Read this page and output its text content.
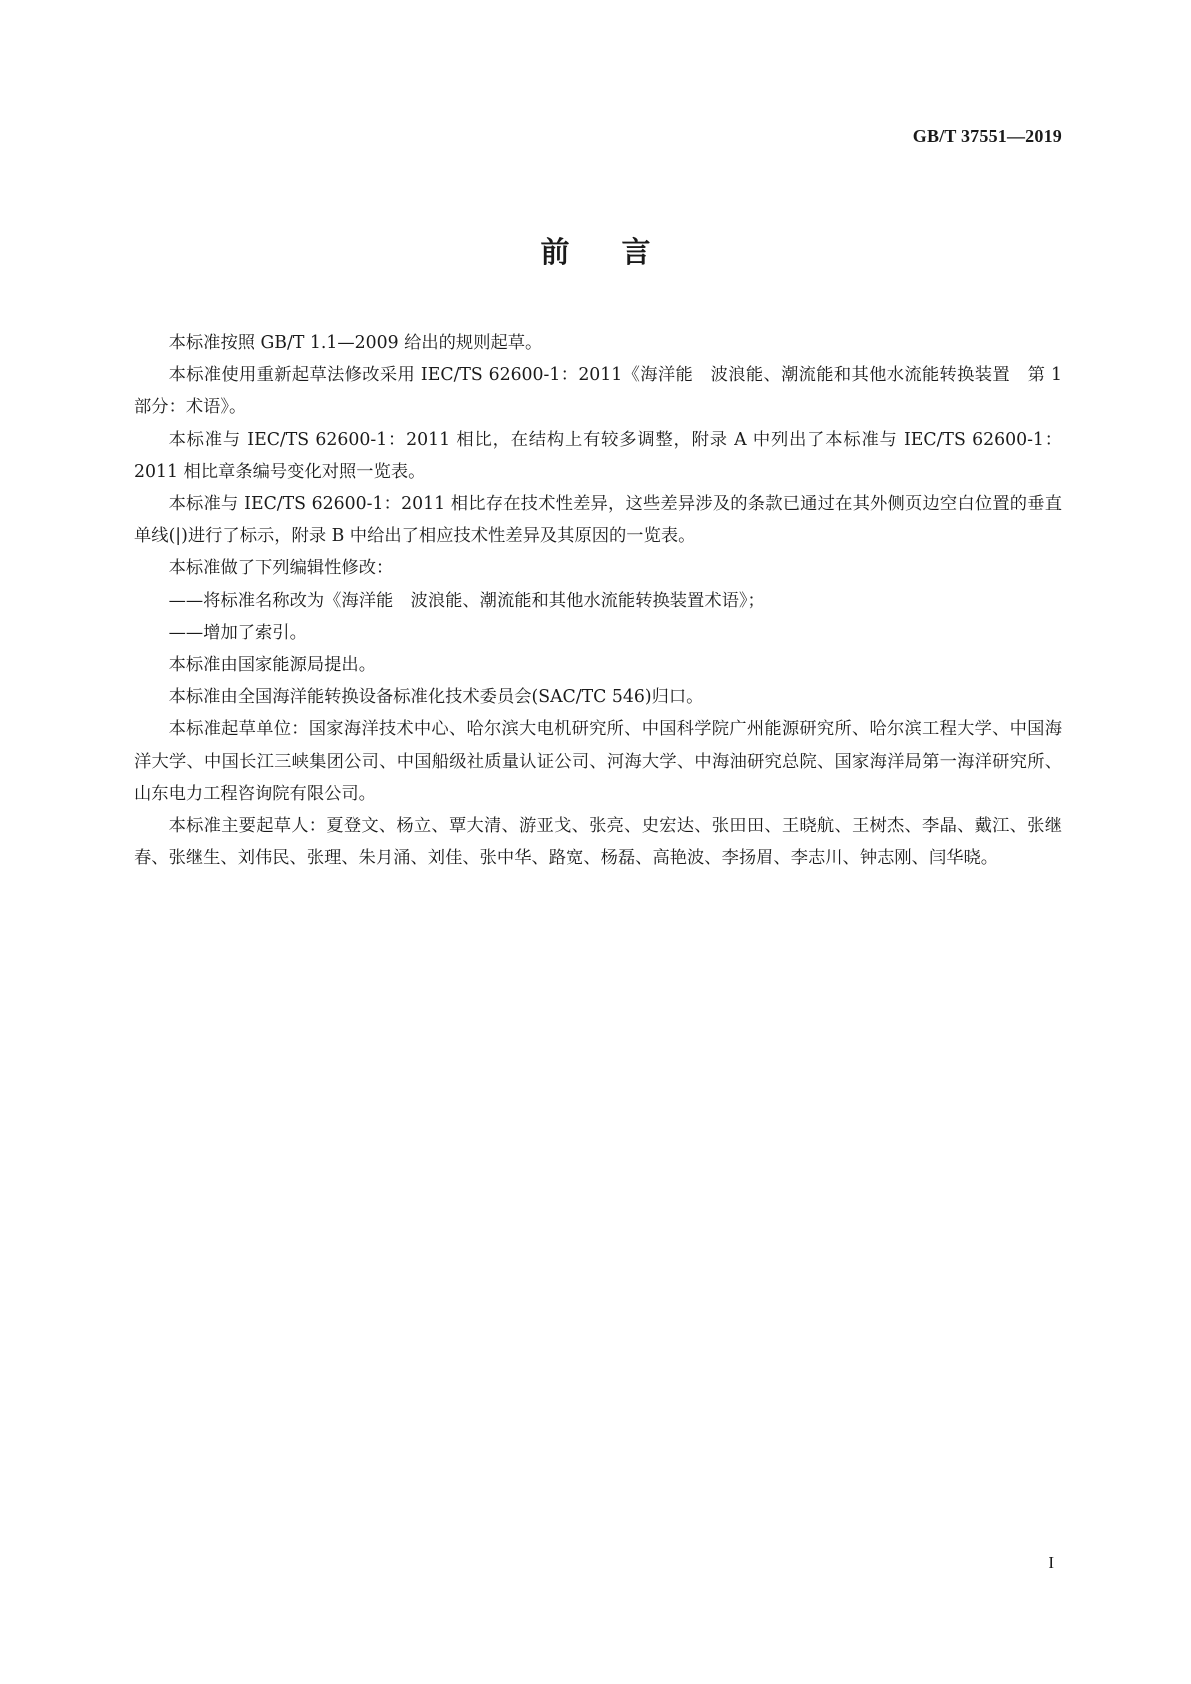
GB/T 37551—2019
前言

本标准按照 GB/T 1.1—2009 给出的规则起草。

本标准使用重新起草法修改采用 IEC/TS 62600-1：2011《海洋能　波浪能、潮流能和其他水流能转换装置　第 1 部分：术语》。

本标准与 IEC/TS 62600-1：2011 相比，在结构上有较多调整，附录 A 中列出了本标准与 IEC/TS 62600-1：2011 相比章条编号变化对照一览表。

本标准与 IEC/TS 62600-1：2011 相比存在技术性差异，这些差异涉及的条款已通过在其外侧页边空白位置的垂直单线(|)进行了标示，附录 B 中给出了相应技术性差异及其原因的一览表。

本标准做了下列编辑性修改：

——将标准名称改为《海洋能　波浪能、潮流能和其他水流能转换装置术语》；

——增加了索引。

本标准由国家能源局提出。

本标准由全国海洋能转换设备标准化技术委员会(SAC/TC 546)归口。

本标准起草单位：国家海洋技术中心、哈尔滨大电机研究所、中国科学院广州能源研究所、哈尔滨工程大学、中国海洋大学、中国长江三峡集团公司、中国船级社质量认证公司、河海大学、中海油研究总院、国家海洋局第一海洋研究所、山东电力工程咨询院有限公司。

本标准主要起草人：夏登文、杨立、覃大清、游亚戈、张亮、史宏达、张田田、王晓航、王树杰、李晶、戴江、张继春、张继生、刘伟民、张理、朱月涌、刘佳、张中华、路宽、杨磊、高艳波、李扬眉、李志川、钟志刚、闫华晓。

I
